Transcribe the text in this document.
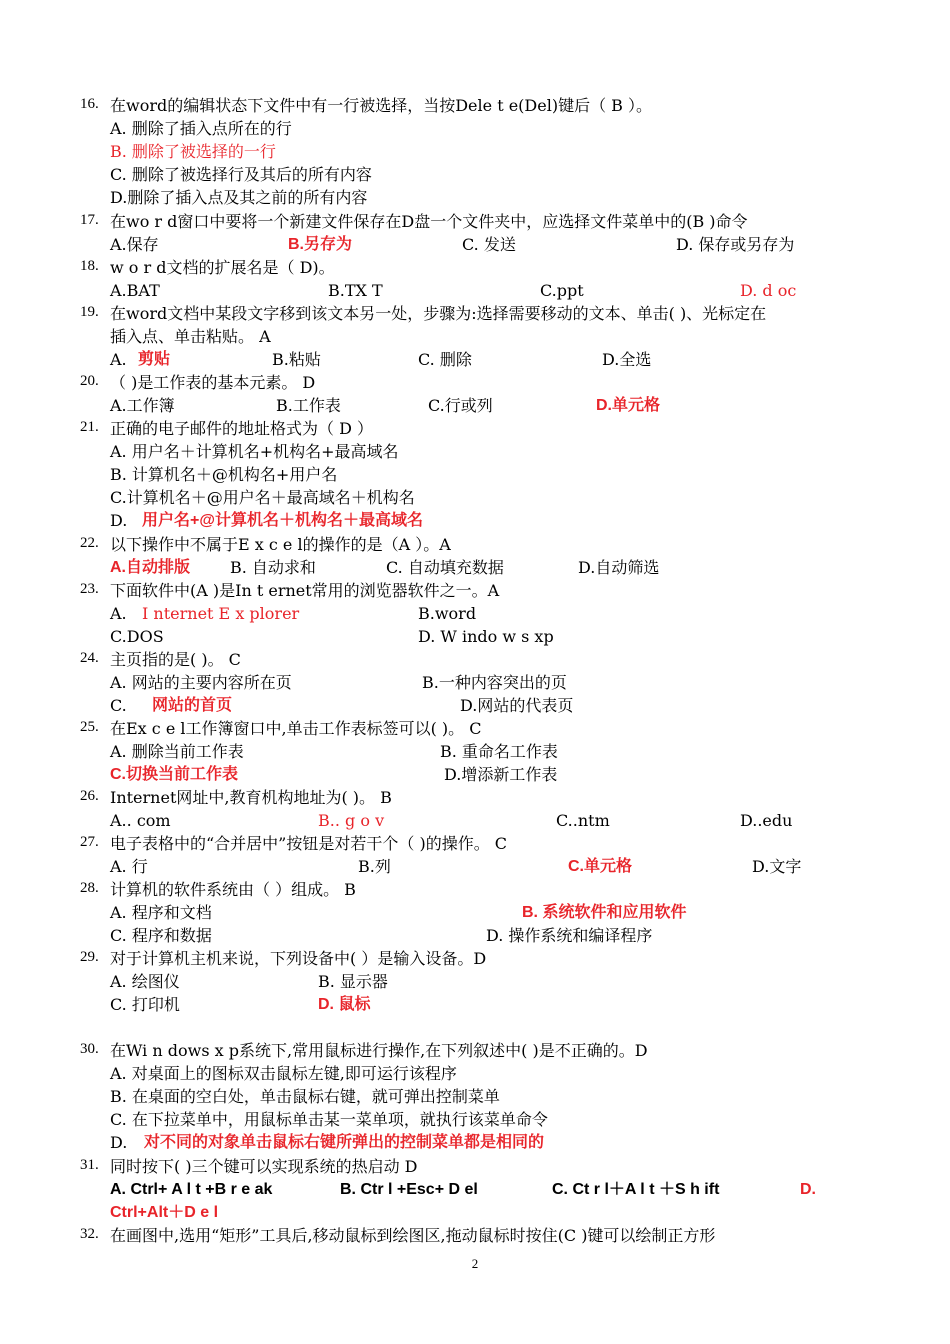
16. 在word的编辑状态下文件中有一行被选择，当按Dele t e(Del)键后（ B ）。
A. 删除了插入点所在的行
B. 删除了被选择的一行
C. 删除了被选择行及其后的所有内容
D.删除了插入点及其之前的所有内容
17. 在wo r d窗口中要将一个新建文件保存在D盘一个文件夹中，应选择文件菜单中的(B )命令
A.保存	B.另存为	C. 发送	D. 保存或另存为
18. w o r d文档的扩展名是（ D)。
A.BAT	B.TX T	C.ppt	D. d oc
19. 在word文档中某段文字移到该文本另一处，步骤为:选择需要移动的文本、单击( )、光标定在
插入点、单击粘贴。 A
A. 剪贴	B.粘贴	C. 删除	D.全选
20. （ )是工作表的基本元素。 D
A.工作簿	B.工作表	C.行或列	D.单元格
21. 正确的电子邮件的地址格式为（ D ）
A. 用户名＋计算机名+机构名+最高域名
B. 计算机名＋@机构名+用户名
C.计算机名＋@用户名＋最高域名＋机构名
D. 用户名+@计算机名＋机构名＋最高域名
22. 以下操作中不属于E x c e l的操作的是（A ）。A
A.自动排版 B. 自动求和	C. 自动填充数据	D.自动筛选
23. 下面软件中(A )是In t ernet常用的浏览器软件之一。A
A. I nternet E x plorer	B.word
C.DOS	D. W indo w s xp
24. 主页指的是( )。 C
A. 网站的主要内容所在页	B.一种内容突出的页
C. 网站的首页	D.网站的代表页
25. 在Ex c e l工作簿窗口中,单击工作表标签可以( )。 C
A. 删除当前工作表	B. 重命名工作表
C.切换当前工作表	D.增添新工作表
26. Internet网址中,教育机构地址为( )。 B
A.. com	B.. g o v	C..ntm	D..edu
27. 电子表格中的“合并居中”按钮是对若干个（ )的操作。 C
A. 行	B.列	C.单元格	D.文字
28. 计算机的软件系统由（ ）组成。 B
A. 程序和文档	B. 系统软件和应用软件
C. 程序和数据	D. 操作系统和编译程序
29. 对于计算机主机来说，下列设备中( ）是输入设备。D
A. 绘图仪	B. 显示器
C. 打印机	D. 鼠标
30. 在Wi n dows x p系统下,常用鼠标进行操作,在下列叙述中( )是不正确的。D
A. 对桌面上的图标双击鼠标左键,即可运行该程序
B. 在桌面的空白处，单击鼠标右键，就可弹出控制菜单
C. 在下拉菜单中，用鼠标单击某一菜单项，就执行该菜单命令
D. 对不同的对象单击鼠标右键所弹出的控制菜单都是相同的
31. 同时按下( )三个键可以实现系统的热启动 D
A. Ctrl+ A l t +B r e ak	B. Ctr l +Esc+ D el	C. Ct r l＋A l t ＋S h ift	D.
Ctrl+Alt＋D e l
32. 在画图中,选用“矩形”工具后,移动鼠标到绘图区,拖动鼠标时按住(C )键可以绘制正方形
2
